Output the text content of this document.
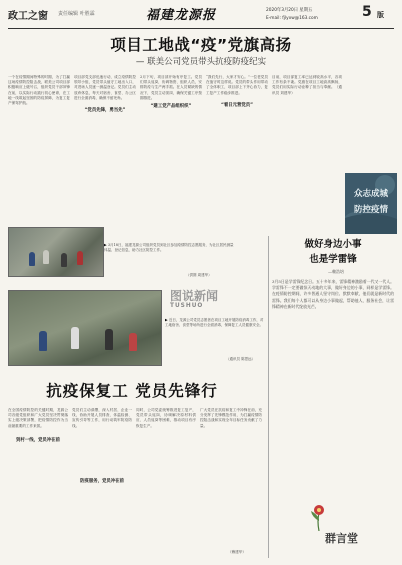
政工之窗 责任编辑 叶胜霖	福建龙源报	2020年3月20日 星期五
E-mail: fjlyxw@163.com	5 版
项目工地战“疫”党旗高扬
— 联美公司党员带头抗疫防疫纪实
一个在疫情期间特殊的时期，为了打赢这场疫情防控阻击战，联美公司项目部积极响应上级号召，组织党员干部冲锋在前，以实际行动践行初心使命，在工地一线筑起坚固的防疫屏障，为复工复产保驾护航。
项目部党支部迅速行动，成立疫情防控领导小组，党员带头值守工地出入口，对进场人员逐一测温登记。党员们主动放弃休息，每天对宿舍、食堂、办公区进行全面消毒，确保不留死角。
2月下旬，项目部开始有序复工。党员们带头返岗，协调物资、组织人员，安排防疫与生产两手抓。在人员紧缺的情况下，党员主动顶岗，确保关键工序按期推进。
“我们先行，大家才安心。”一位老党员在值守时这样说。党员的带头作用带动了全体职工，项目部上下齐心协力，复工复产工作稳步推进。
目前，项目部复工率已达到较高水平，各项工作有条不紊。党旗在项目工地高高飘扬，党员们用实际行动诠释了担当与奉献。（通讯员 刘建华）
“党员先锋，勇当先”
“建工党产品组织织”	“看日元营党员”
众志成城
防控疫情
▶ 3月18日，福建龙源公司组织党员到社区参加疫情防控志愿服务，为社区居民测量体温、登记信息，助力社区防控工作。
（供图 周建华）
图说新闻
TUSHUO
▶ 近日，龙源公司党员志愿者在项目工地开展防疫消毒工作，对工地宿舍、食堂等场所进行全面消毒，保障复工人员健康安全。
（通讯员 陈思远）
做好身边小事
也是学雷锋
—赖浩培
3月5日是学雷锋纪念日。五十多年来，雷锋精神激励着一代又一代人。学雷锋不一定要做惊天动地的大事，做好身边的小事，同样是学雷锋。在疫情防控期间，许多普通人坚守岗位、默默奉献，他们就是新时代的雷锋。我们每个人都可以从身边小事做起，帮助他人、服务社会，让雷锋精神在新时代绽放光芒。
群言堂
抗疫保复工 党员先锋行
在全国疫情防控的关键时期，龙源公司各级党组织和广大党员坚决贯彻落实上级决策部署，把疫情防控作为当前最重要的工作来抓。
党员们主动请缨，深入村居、企业一线，协助开展人员排查、体温检测、宣传引导等工作，用行动筑牢防疫防线。
同时，公司党委统筹推进复工复产，党员带头返岗，协调解决原材料供应、人员返岗等困难，推动项目有序恢复生产。
广大党员在抗疫和复工中冲锋在前，充分发挥了先锋模范作用，为打赢疫情防控阻击战和实现全年目标任务贡献了力量。
到村一线，党员冲在前
防疫服务，党员冲在前
（赖建华）
